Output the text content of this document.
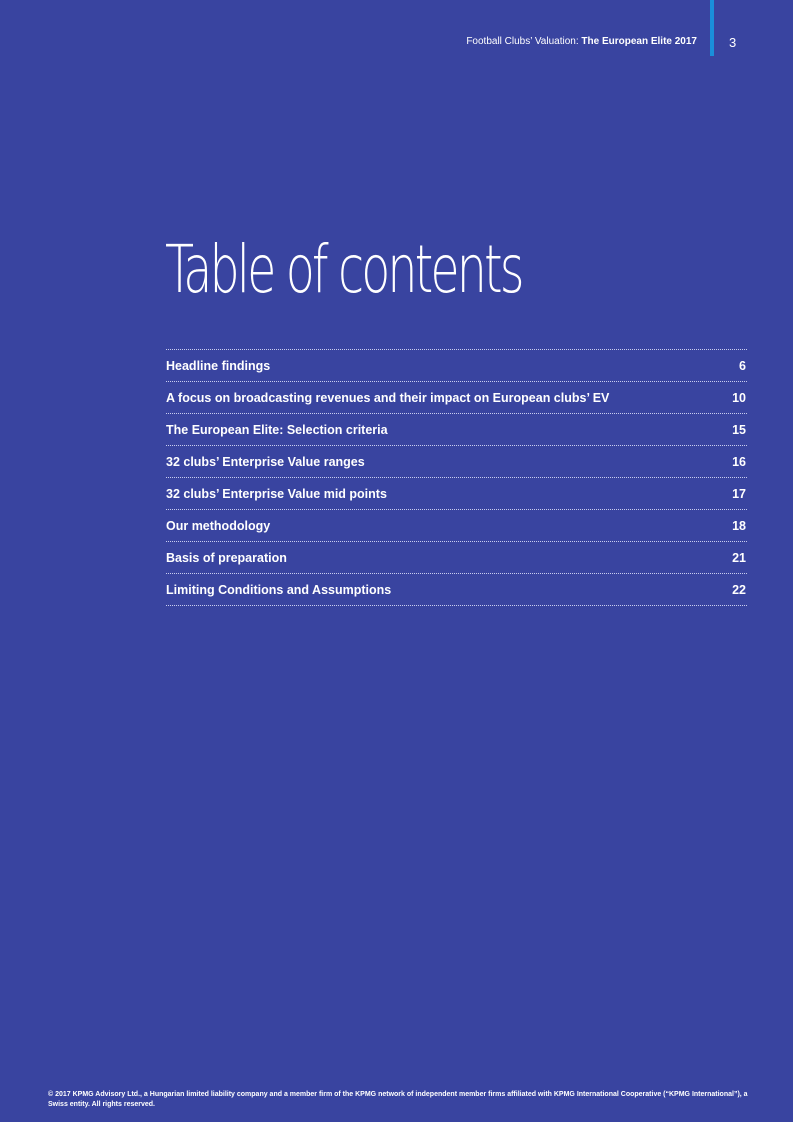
Football Clubs’ Valuation: The European Elite 2017 3
Table of contents
Headline findings	6
A focus on broadcasting revenues and their impact on European clubs’ EV	10
The European Elite: Selection criteria	15
32 clubs’ Enterprise Value ranges	16
32 clubs’ Enterprise Value mid points	17
Our methodology	18
Basis of preparation	21
Limiting Conditions and Assumptions	22
© 2017 KPMG Advisory Ltd., a Hungarian limited liability company and a member firm of the KPMG network of independent member firms affiliated with KPMG International Cooperative (“KPMG International”), a Swiss entity. All rights reserved.
